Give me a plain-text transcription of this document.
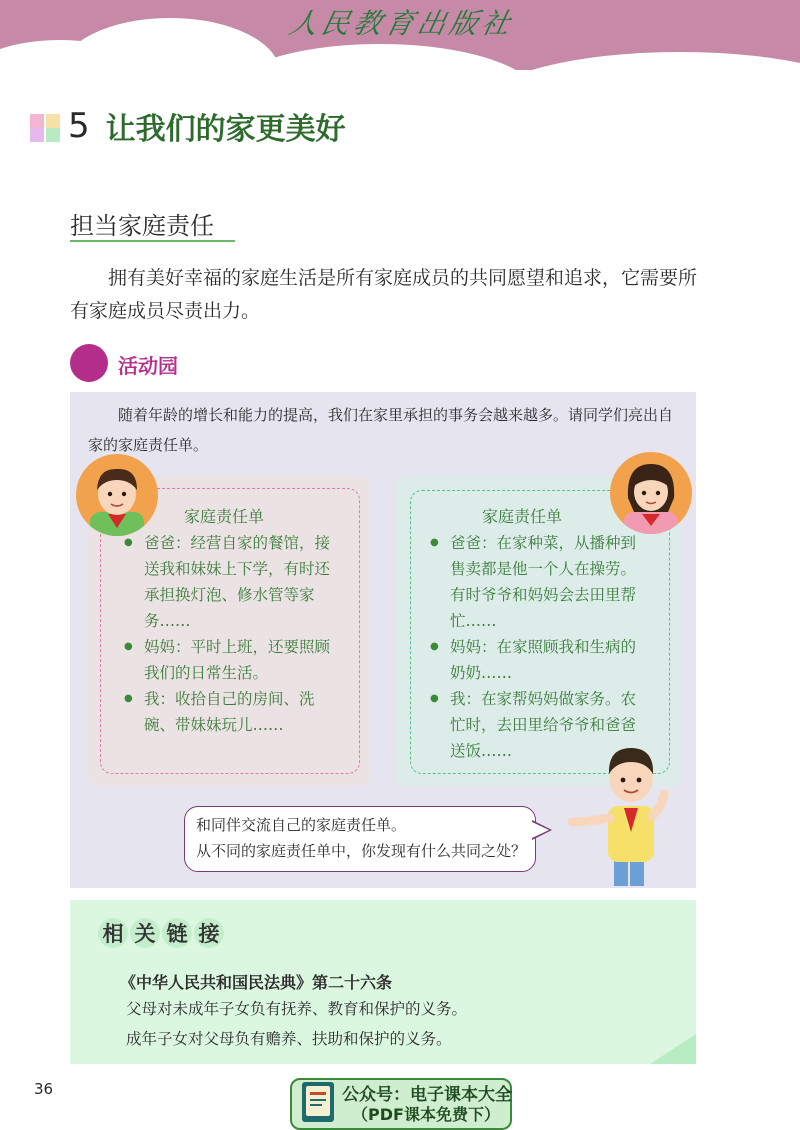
人民教育出版社
5 让我们的家更美好
担当家庭责任
拥有美好幸福的家庭生活是所有家庭成员的共同愿望和追求，它需要所有家庭成员尽责出力。
活动园
随着年龄的增长和能力的提高，我们在家里承担的事务会越来越多。请同学们亮出自家的家庭责任单。
家庭责任单
● 爸爸：经营自家的餐馆，接送我和妹妹上下学，有时还承担换灯泡、修水管等家务……
● 妈妈：平时上班，还要照顾我们的日常生活。
● 我：收拾自己的房间、洗碗、带妹妹玩儿……
家庭责任单
● 爸爸：在家种菜，从播种到售卖都是他一个人在操劳。有时爷爷和妈妈会去田里帮忙……
● 妈妈：在家照顾我和生病的奶奶……
● 我：在家帮妈妈做家务。农忙时，去田里给爷爷和爸爸送饭……
和同伴交流自己的家庭责任单。
从不同的家庭责任单中，你发现有什么共同之处？
相 关 链 接
《中华人民共和国民法典》第二十六条
父母对未成年子女负有抚养、教育和保护的义务。
成年子女对父母负有赡养、扶助和保护的义务。
36	公众号：电子课本大全
（PDF课本免费下）
